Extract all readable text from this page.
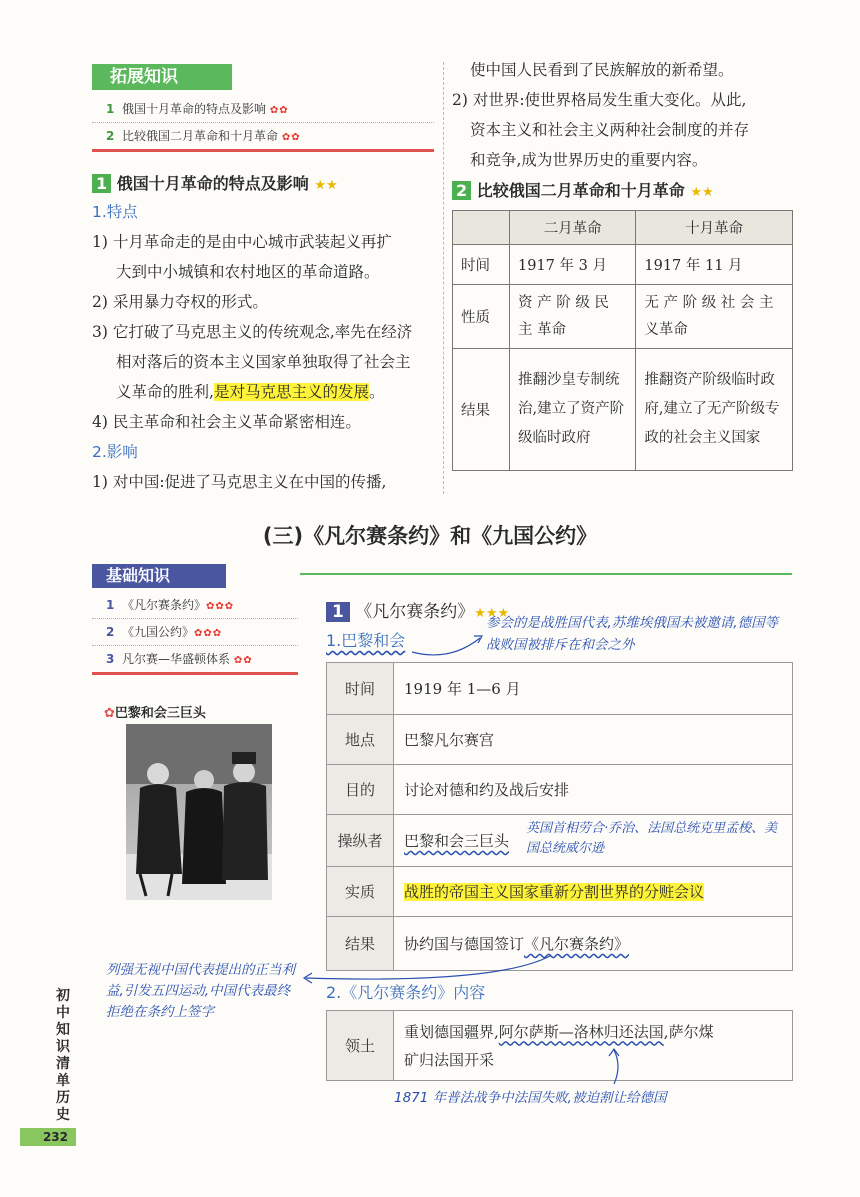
拓展知识
1 俄国十月革命的特点及影响 ✿✿
2 比较俄国二月革命和十月革命 ✿✿
1 俄国十月革命的特点及影响 ★★
1.特点
1) 十月革命走的是由中心城市武装起义再扩
大到中小城镇和农村地区的革命道路。
2) 采用暴力夺权的形式。
3) 它打破了马克思主义的传统观念,率先在经济
相对落后的资本主义国家单独取得了社会主
义革命的胜利,是对马克思主义的发展。
4) 民主革命和社会主义革命紧密相连。
2.影响
1) 对中国:促进了马克思主义在中国的传播,
使中国人民看到了民族解放的新希望。
2) 对世界:使世界格局发生重大变化。从此,
资本主义和社会主义两种社会制度的并存
和竞争,成为世界历史的重要内容。
2 比较俄国二月革命和十月革命 ★★
	二月革命	十月革命
时间	1917 年 3 月	1917 年 11 月
性质	资 产 阶 级 民 主 革命	无 产 阶 级 社 会 主 义革命
结果	推翻沙皇专制统治,建立了资产阶级临时政府	推翻资产阶级临时政府,建立了无产阶级专政的社会主义国家
(三)《凡尔赛条约》和《九国公约》
基础知识
1 《凡尔赛条约》✿✿✿
2 《九国公约》✿✿✿
3 凡尔赛—华盛顿体系 ✿✿
✿巴黎和会三巨头
1 《凡尔赛条约》★★★
参会的是战胜国代表,苏维埃俄国未被邀请,德国等战败国被排斥在和会之外
1.巴黎和会
时间	1919 年 1—6 月
地点	巴黎凡尔赛宫
目的	讨论对德和约及战后安排
操纵者	巴黎和会三巨头
英国首相劳合·乔治、法国总统克里孟梭、美国总统威尔逊

实质	战胜的帝国主义国家重新分割世界的分赃会议
结果	协约国与德国签订《凡尔赛条约》
列强无视中国代表提出的正当利益,引发五四运动,中国代表最终拒绝在条约上签字
2.《凡尔赛条约》内容
领土	重划德国疆界,阿尔萨斯—洛林归还法国,萨尔煤
矿归法国开采
1871 年普法战争中法国失败,被迫割让给德国
初中知识清单 历史
232
